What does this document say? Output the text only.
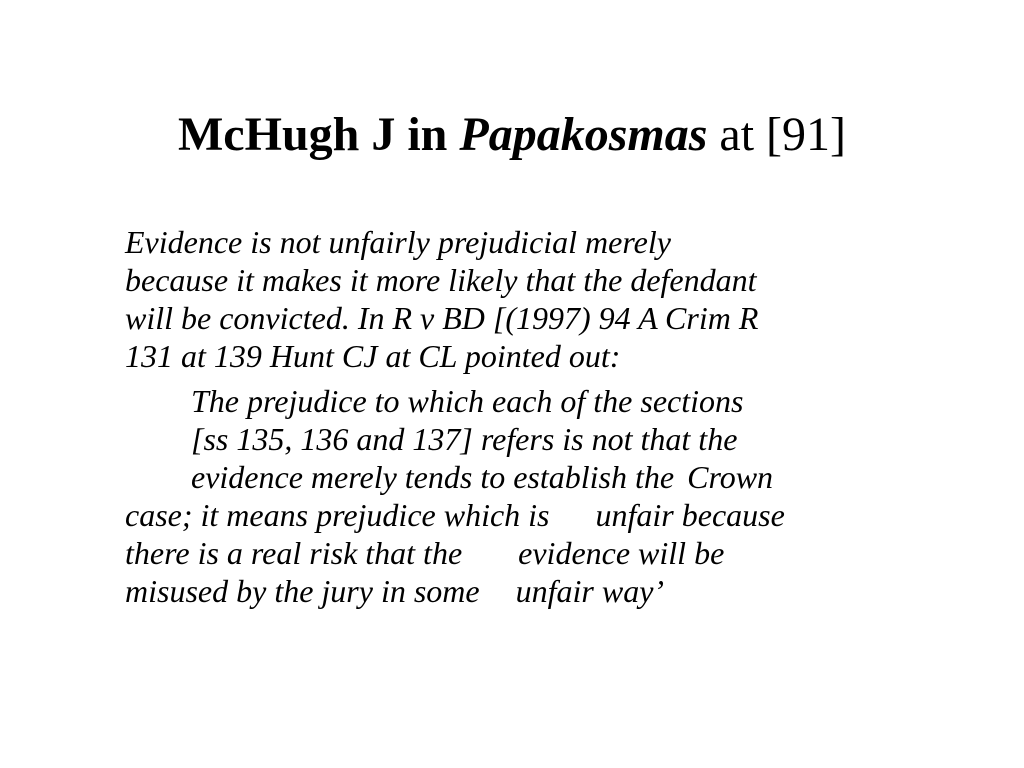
McHugh J in Papakosmas at [91]
Evidence is not unfairly prejudicial merely
because it makes it more likely that the defendant
will be convicted. In R v BD [(1997) 94 A Crim R
131 at 139 Hunt CJ at CL pointed out:
The prejudice to which each of the sections
[ss 135, 136 and 137] refers is not that the
evidence merely tends to establish the Crown
case; it means prejudice which is unfair because
there is a real risk that the evidence will be
misused by the jury in some unfair way’
